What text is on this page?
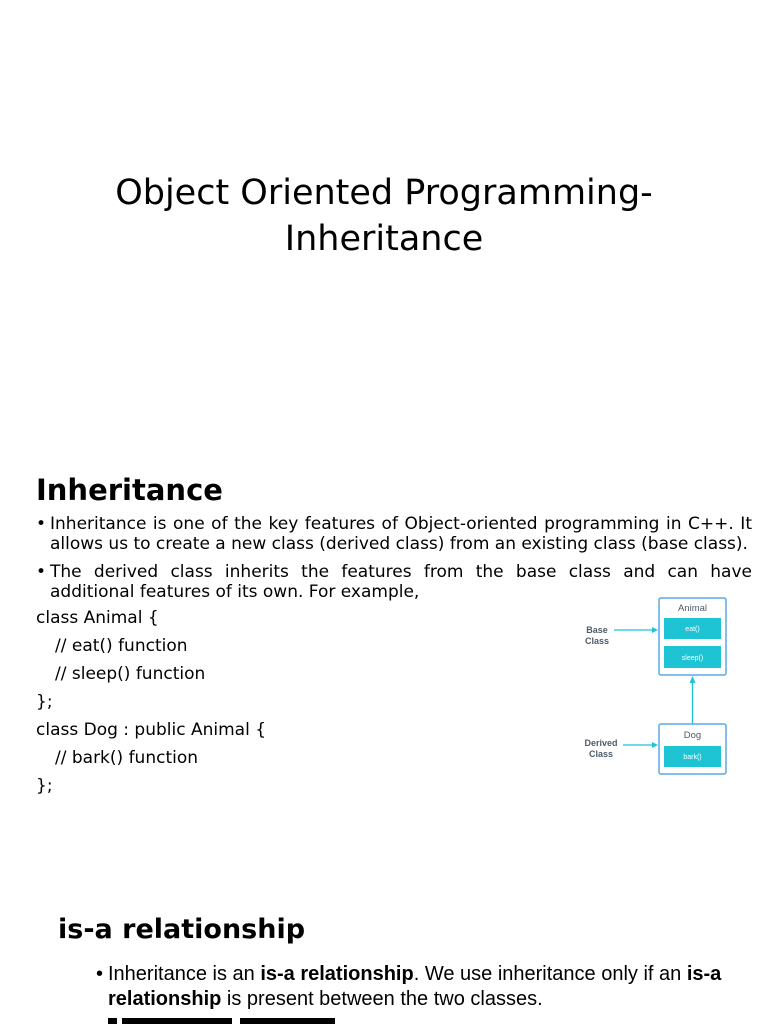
Object Oriented Programming-
Inheritance
Inheritance
• Inheritance is one of the key features of Object-oriented programming in C++. It allows us to create a new class (derived class) from an existing class (base class).
• The derived class inherits the features from the base class and can have additional features of its own. For example,
class Animal {
// eat() function
// sleep() function
};
class Dog : public Animal {
// bark() function
};
Base
Class
Animal
eat()
sleep()
Derived
Class
Dog
bark()
is-a relationship
• Inheritance is an is-a relationship. We use inheritance only if an is-a relationship is present between the two classes.
